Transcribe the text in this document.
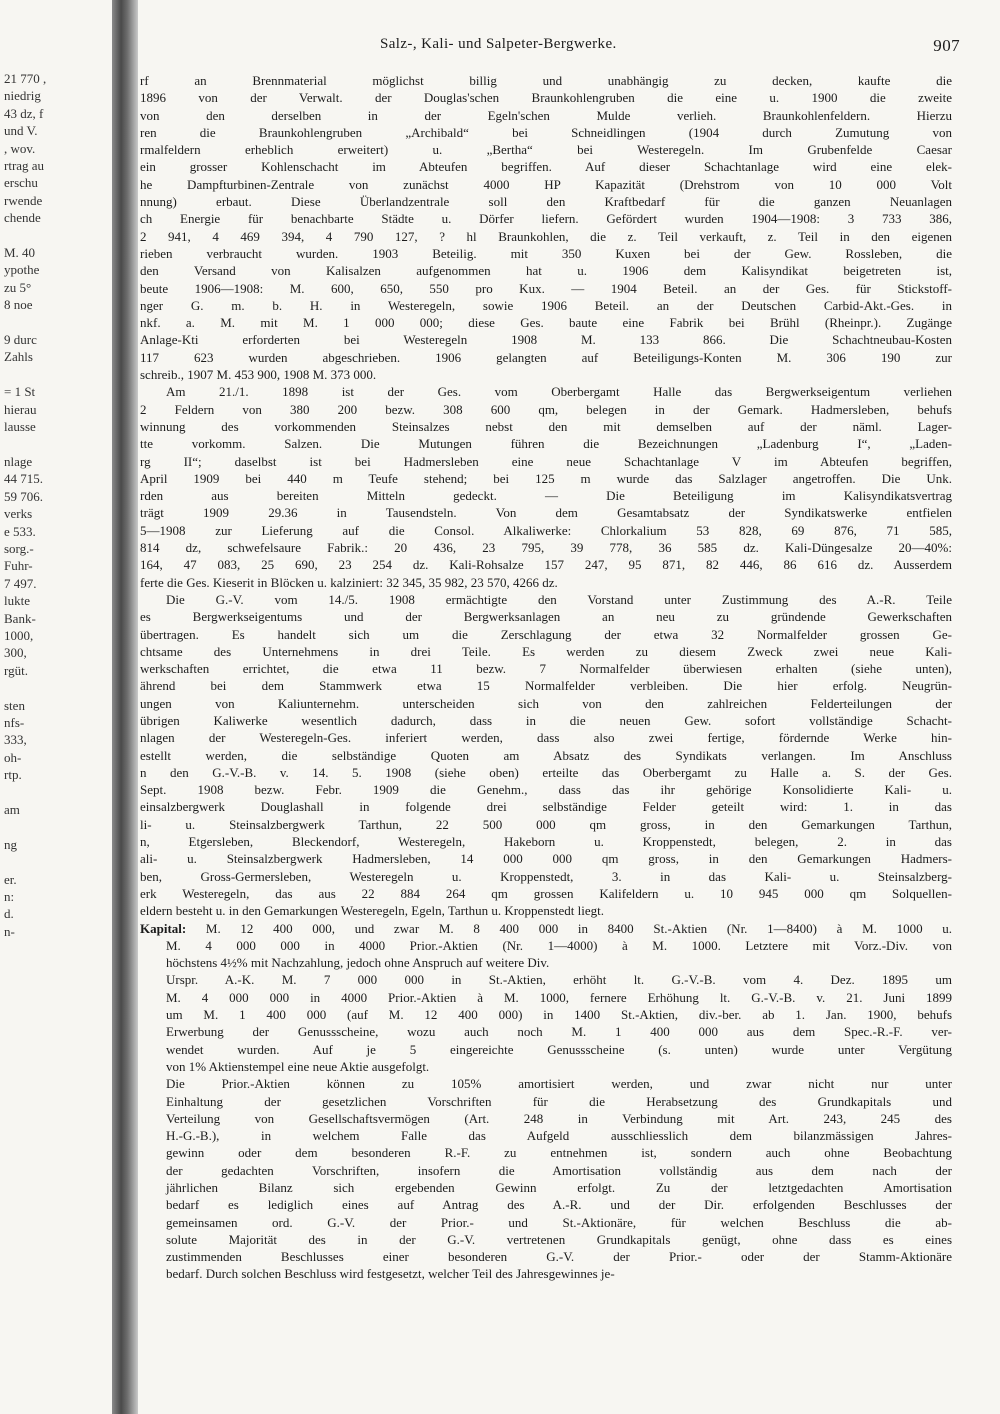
21 770 ,
niedrig
43 dz, f
und V.
, wov.
rtrag au
erschu
rwende
chende
M. 40
ypothe
zu 5°
8 noe
9 durc
Zahls
= 1 St
hierau
lausse
nlage
44 715.
59 706.
verks
e 533.
sorg.-
Fuhr-
7 497.
lukte
Bank-
1000,
300,
rgüt.
sten
nfs-
333,
oh-
rtp.
am
ng
er.
n:
d.
n-
Salz-, Kali- und Salpeter-Bergwerke.	907

rf an Brennmaterial möglichst billig und unabhängig zu decken, kaufte die
1896 von der Verwalt. der Douglas'schen Braunkohlengruben die eine u. 1900 die zweite
von den derselben in der Egeln'schen Mulde verlieh. Braunkohlenfeldern. Hierzu
ren die Braunkohlengruben „Archibald“ bei Schneidlingen (1904 durch Zumutung von
rmalfeldern erheblich erweitert) u. „Bertha“ bei Westeregeln. Im Grubenfelde Caesar
ein grosser Kohlenschacht im Abteufen begriffen. Auf dieser Schachtanlage wird eine elek-
he Dampfturbinen-Zentrale von zunächst 4000 HP Kapazität (Drehstrom von 10 000 Volt
nnung) erbaut. Diese Überlandzentrale soll den Kraftbedarf für die ganzen Neuanlagen
ch Energie für benachbarte Städte u. Dörfer liefern. Gefördert wurden 1904—1908: 3 733 386,
2 941, 4 469 394, 4 790 127, ? hl Braunkohlen, die z. Teil verkauft, z. Teil in den eigenen
rieben verbraucht wurden. 1903 Beteilig. mit 350 Kuxen bei der Gew. Rossleben, die
den Versand von Kalisalzen aufgenommen hat u. 1906 dem Kalisyndikat beigetreten ist,
beute 1906—1908: M. 600, 650, 550 pro Kux. — 1904 Beteil. an der Ges. für Stickstoff-
nger G. m. b. H. in Westeregeln, sowie 1906 Beteil. an der Deutschen Carbid-Akt.-Ges. in
nkf. a. M. mit M. 1 000 000; diese Ges. baute eine Fabrik bei Brühl (Rheinpr.). Zugänge
Anlage-Kti erforderten bei Westeregeln 1908 M. 133 866. Die Schachtneubau-Kosten
117 623 wurden abgeschrieben. 1906 gelangten auf Beteiligungs-Konten M. 306 190 zur
schreib., 1907 M. 453 900, 1908 M. 373 000.

Am 21./1. 1898 ist der Ges. vom Oberbergamt Halle das Bergwerkseigentum verliehen
2 Feldern von 380 200 bezw. 308 600 qm, belegen in der Gemark. Hadmersleben, behufs
winnung des vorkommenden Steinsalzes nebst den mit demselben auf der näml. Lager-
tte vorkomm. Salzen. Die Mutungen führen die Bezeichnungen „Ladenburg I“, „Laden-
rg II“; daselbst ist bei Hadmersleben eine neue Schachtanlage V im Abteufen begriffen,
April 1909 bei 440 m Teufe stehend; bei 125 m wurde das Salzlager angetroffen. Die Unk.
rden aus bereiten Mitteln gedeckt. — Die Beteiligung im Kalisyndikatsvertrag
trägt 1909 29.36 in Tausendsteln. Von dem Gesamtabsatz der Syndikatswerke entfielen
5—1908 zur Lieferung auf die Consol. Alkaliwerke: Chlorkalium 53 828, 69 876, 71 585,
814 dz, schwefelsaure Fabrik.: 20 436, 23 795, 39 778, 36 585 dz. Kali-Düngesalze 20—40%:
164, 47 083, 25 690, 23 254 dz. Kali-Rohsalze 157 247, 95 871, 82 446, 86 616 dz. Ausserdem
ferte die Ges. Kieserit in Blöcken u. kalziniert: 32 345, 35 982, 23 570, 4266 dz.

Die G.-V. vom 14./5. 1908 ermächtigte den Vorstand unter Zustimmung des A.-R. Teile
es Bergwerkseigentums und der Bergwerksanlagen an neu zu gründende Gewerkschaften
übertragen. Es handelt sich um die Zerschlagung der etwa 32 Normalfelder grossen Ge-
chtsame des Unternehmens in drei Teile. Es werden zu diesem Zweck zwei neue Kali-
werkschaften errichtet, die etwa 11 bezw. 7 Normalfelder überwiesen erhalten (siehe unten),
ährend bei dem Stammwerk etwa 15 Normalfelder verbleiben. Die hier erfolg. Neugrün-
ungen von Kaliunternehm. unterscheiden sich von den zahlreichen Felderteilungen der
übrigen Kaliwerke wesentlich dadurch, dass in die neuen Gew. sofort vollständige Schacht-
nlagen der Westeregeln-Ges. inferiert werden, dass also zwei fertige, fördernde Werke hin-
estellt werden, die selbständige Quoten am Absatz des Syndikats verlangen. Im Anschluss
n den G.-V.-B. v. 14. 5. 1908 (siehe oben) erteilte das Oberbergamt zu Halle a. S. der Ges.
Sept. 1908 bezw. Febr. 1909 die Genehm., dass das ihr gehörige Konsolidierte Kali- u.
einsalzbergwerk Douglashall in folgende drei selbständige Felder geteilt wird: 1. in das
li- u. Steinsalzbergwerk Tarthun, 22 500 000 qm gross, in den Gemarkungen Tarthun,
n, Etgersleben, Bleckendorf, Westeregeln, Hakeborn u. Kroppenstedt, belegen, 2. in das
ali- u. Steinsalzbergwerk Hadmersleben, 14 000 000 qm gross, in den Gemarkungen Hadmers-
ben, Gross-Germersleben, Westeregeln u. Kroppenstedt, 3. in das Kali- u. Steinsalzberg-
erk Westeregeln, das aus 22 884 264 qm grossen Kalifeldern u. 10 945 000 qm Solquellen-
eldern besteht u. in den Gemarkungen Westeregeln, Egeln, Tarthun u. Kroppenstedt liegt.

Kapital: M. 12 400 000, und zwar M. 8 400 000 in 8400 St.-Aktien (Nr. 1—8400) à M. 1000 u.
M. 4 000 000 in 4000 Prior.-Aktien (Nr. 1—4000) à M. 1000. Letztere mit Vorz.-Div. von
höchstens 4½% mit Nachzahlung, jedoch ohne Anspruch auf weitere Div.

Urspr. A.-K. M. 7 000 000 in St.-Aktien, erhöht lt. G.-V.-B. vom 4. Dez. 1895 um
M. 4 000 000 in 4000 Prior.-Aktien à M. 1000, fernere Erhöhung lt. G.-V.-B. v. 21. Juni 1899
um M. 1 400 000 (auf M. 12 400 000) in 1400 St.-Aktien, div.-ber. ab 1. Jan. 1900, behufs
Erwerbung der Genussscheine, wozu auch noch M. 1 400 000 aus dem Spec.-R.-F. ver-
wendet wurden. Auf je 5 eingereichte Genussscheine (s. unten) wurde unter Vergütung
von 1% Aktienstempel eine neue Aktie ausgefolgt.

Die Prior.-Aktien können zu 105% amortisiert werden, und zwar nicht nur unter
Einhaltung der gesetzlichen Vorschriften für die Herabsetzung des Grundkapitals und
Verteilung von Gesellschaftsvermögen (Art. 248 in Verbindung mit Art. 243, 245 des
H.-G.-B.), in welchem Falle das Aufgeld ausschliesslich dem bilanzmässigen Jahres-
gewinn oder dem besonderen R.-F. zu entnehmen ist, sondern auch ohne Beobachtung
der gedachten Vorschriften, insofern die Amortisation vollständig aus dem nach der
jährlichen Bilanz sich ergebenden Gewinn erfolgt. Zu der letztgedachten Amortisation
bedarf es lediglich eines auf Antrag des A.-R. und der Dir. erfolgenden Beschlusses der
gemeinsamen ord. G.-V. der Prior.- und St.-Aktionäre, für welchen Beschluss die ab-
solute Majorität des in der G.-V. vertretenen Grundkapitals genügt, ohne dass es eines
zustimmenden Beschlusses einer besonderen G.-V. der Prior.- oder der Stamm-Aktionäre
bedarf. Durch solchen Beschluss wird festgesetzt, welcher Teil des Jahresgewinnes je-
